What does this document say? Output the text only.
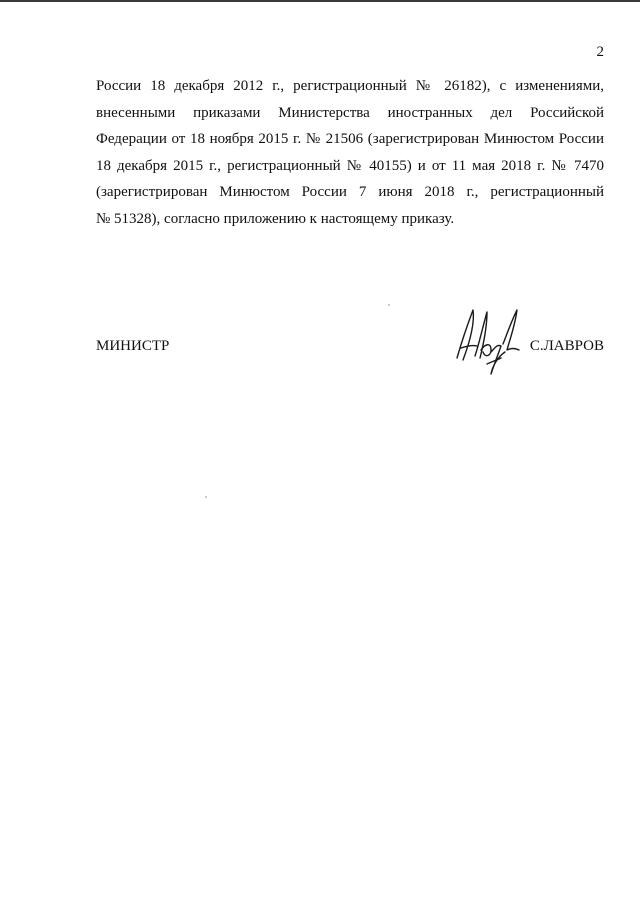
2
России 18 декабря 2012 г., регистрационный № 26182), с изменениями,
внесенными приказами Министерства иностранных дел Российской
Федерации от 18 ноября 2015 г. № 21506 (зарегистрирован Минюстом России
18 декабря 2015 г., регистрационный № 40155) и от 11 мая 2018 г. № 7470
(зарегистрирован Минюстом России 7 июня 2018 г., регистрационный
№ 51328), согласно приложению к настоящему приказу.
МИНИСТР	С.ЛАВРОВ
